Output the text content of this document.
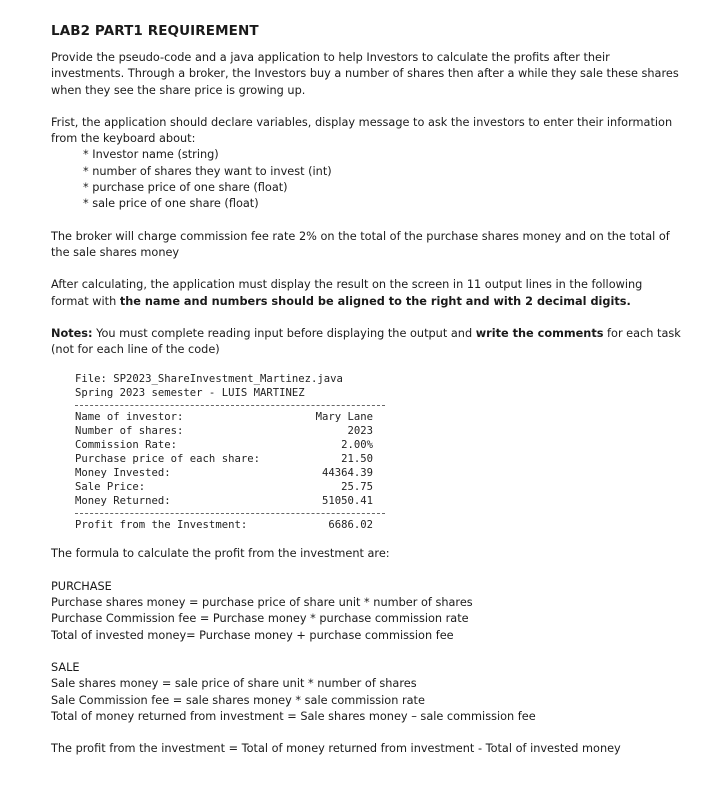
LAB2 PART1 REQUIREMENT

Provide the pseudo-code and a java application to help Investors to calculate the profits after their investments. Through a broker, the Investors buy a number of shares then after a while they sale these shares when they see the share price is growing up.

Frist, the application should declare variables, display message to ask the investors to enter their information from the keyboard about:

* Investor name (string)
* number of shares they want to invest (int)
* purchase price of one share (float)
* sale price of one share (float)

The broker will charge commission fee rate 2% on the total of the purchase shares money and on the total of the sale shares money

After calculating, the application must display the result on the screen in 11 output lines in the following format with the name and numbers should be aligned to the right and with 2 decimal digits.

Notes: You must complete reading input before displaying the output and write the comments for each task (not for each line of the code)

File: SP2023_ShareInvestment_Martinez.java
Spring 2023 semester - LUIS MARTINEZ
Name of investor:	Mary Lane
Number of shares:	2023
Commission Rate:	2.00%
Purchase price of each share:	21.50
Money Invested:	44364.39
Sale Price:	25.75
Money Returned:	51050.41
Profit from the Investment:	6686.02

The formula to calculate the profit from the investment are:

PURCHASE

Purchase shares money = purchase price of share unit * number of shares

Purchase Commission fee = Purchase money * purchase commission rate

Total of invested money= Purchase money + purchase commission fee

SALE

Sale shares money = sale price of share unit * number of shares

Sale Commission fee = sale shares money * sale commission rate

Total of money returned from investment = Sale shares money – sale commission fee

The profit from the investment = Total of money returned from investment - Total of invested money
